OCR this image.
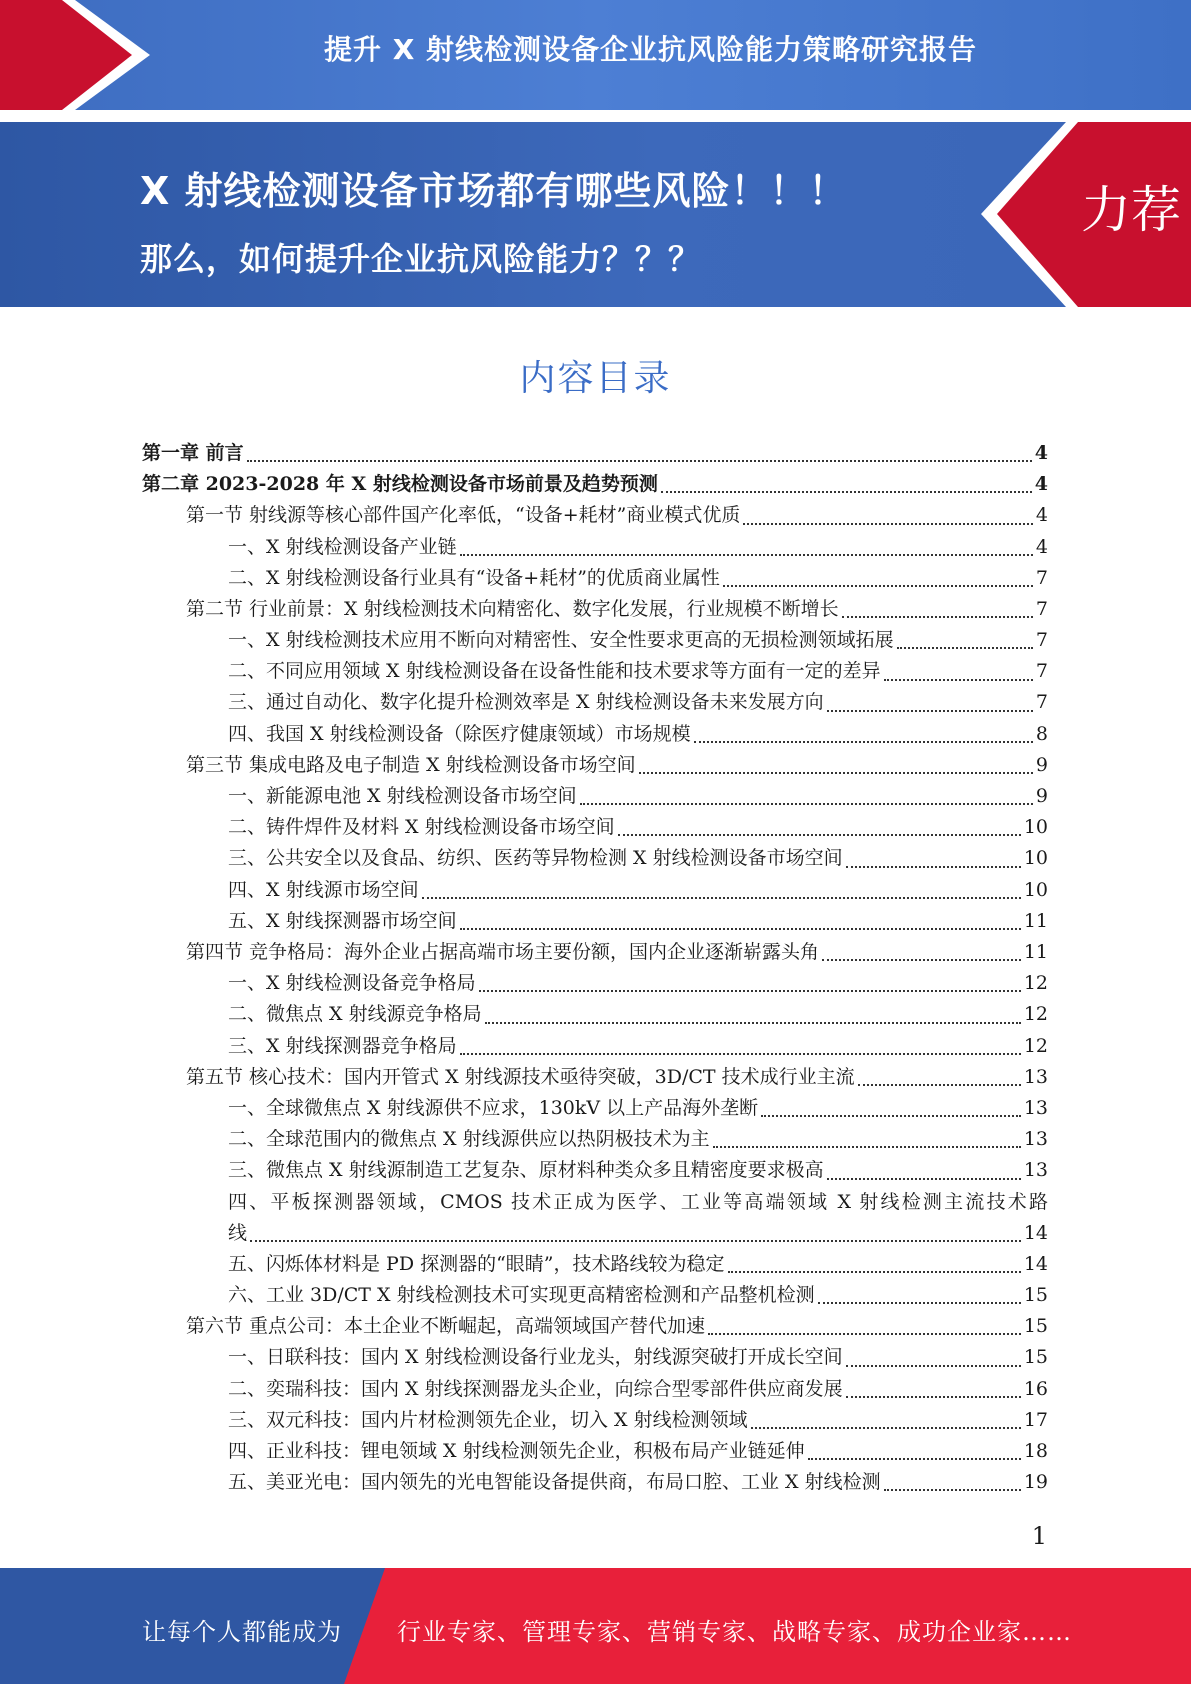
提升 X 射线检测设备企业抗风险能力策略研究报告
X 射线检测设备市场都有哪些风险！！！
那么，如何提升企业抗风险能力？？？
力荐
内容目录
第一章 前言	4
第二章 2023-2028 年 X 射线检测设备市场前景及趋势预测	4
第一节 射线源等核心部件国产化率低，“设备+耗材”商业模式优质	4
一、X 射线检测设备产业链	4
二、X 射线检测设备行业具有“设备+耗材”的优质商业属性	7
第二节 行业前景：X 射线检测技术向精密化、数字化发展，行业规模不断增长	7
一、X 射线检测技术应用不断向对精密性、安全性要求更高的无损检测领域拓展	7
二、不同应用领域 X 射线检测设备在设备性能和技术要求等方面有一定的差异	7
三、通过自动化、数字化提升检测效率是 X 射线检测设备未来发展方向	7
四、我国 X 射线检测设备（除医疗健康领域）市场规模	8
第三节 集成电路及电子制造 X 射线检测设备市场空间	9
一、新能源电池 X 射线检测设备市场空间	9
二、铸件焊件及材料 X 射线检测设备市场空间	10
三、公共安全以及食品、纺织、医药等异物检测 X 射线检测设备市场空间	10
四、X 射线源市场空间	10
五、X 射线探测器市场空间	11
第四节 竞争格局：海外企业占据高端市场主要份额，国内企业逐渐崭露头角	11
一、X 射线检测设备竞争格局	12
二、微焦点 X 射线源竞争格局	12
三、X 射线探测器竞争格局	12
第五节 核心技术：国内开管式 X 射线源技术亟待突破，3D/CT 技术成行业主流	13
一、全球微焦点 X 射线源供不应求，130kV 以上产品海外垄断	13
二、全球范围内的微焦点 X 射线源供应以热阴极技术为主	13
三、微焦点 X 射线源制造工艺复杂、原材料种类众多且精密度要求极高	13
四、平板探测器领域，CMOS 技术正成为医学、工业等高端领域 X 射线检测主流技术路
线	14
五、闪烁体材料是 PD 探测器的“眼睛”，技术路线较为稳定	14
六、工业 3D/CT X 射线检测技术可实现更高精密检测和产品整机检测	15
第六节 重点公司：本土企业不断崛起，高端领域国产替代加速	15
一、日联科技：国内 X 射线检测设备行业龙头，射线源突破打开成长空间	15
二、奕瑞科技：国内 X 射线探测器龙头企业，向综合型零部件供应商发展	16
三、双元科技：国内片材检测领先企业，切入 X 射线检测领域	17
四、正业科技：锂电领域 X 射线检测领先企业，积极布局产业链延伸	18
五、美亚光电：国内领先的光电智能设备提供商，布局口腔、工业 X 射线检测	19
1
让每个人都能成为 行业专家、管理专家、营销专家、战略专家、成功企业家……
